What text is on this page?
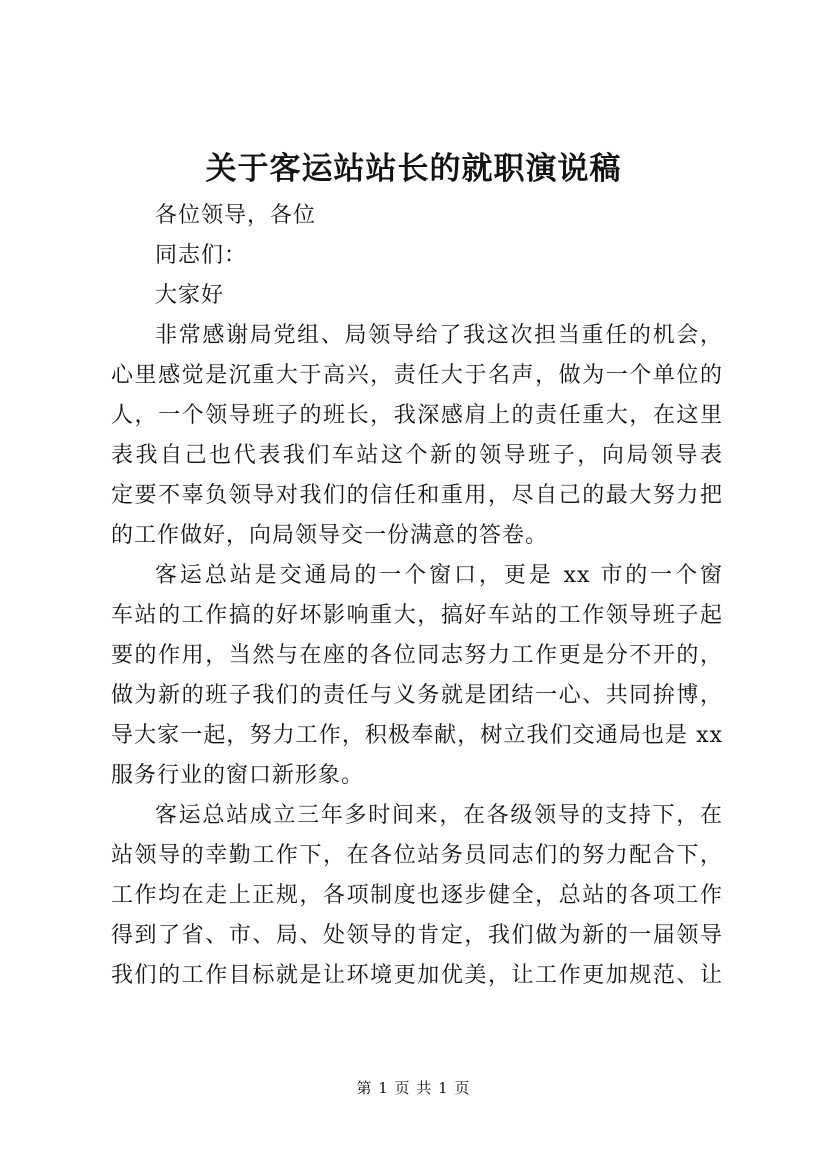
关于客运站站长的就职演说稿
各位领导，各位
同志们：
大家好
非常感谢局党组、局领导给了我这次担当重任的机会，
心里感觉是沉重大于高兴，责任大于名声，做为一个单位的
人，一个领导班子的班长，我深感肩上的责任重大，在这里
表我自己也代表我们车站这个新的领导班子，向局领导表
定要不辜负领导对我们的信任和重用，尽自己的最大努力把
的工作做好，向局领导交一份满意的答卷。
客运总站是交通局的一个窗口，更是 xx 市的一个窗
车站的工作搞的好坏影响重大，搞好车站的工作领导班子起
要的作用，当然与在座的各位同志努力工作更是分不开的，
做为新的班子我们的责任与义务就是团结一心、共同拚博，
导大家一起，努力工作，积极奉献，树立我们交通局也是 xx
服务行业的窗口新形象。
客运总站成立三年多时间来，在各级领导的支持下，在
站领导的幸勤工作下，在各位站务员同志们的努力配合下，
工作均在走上正规，各项制度也逐步健全，总站的各项工作
得到了省、市、局、处领导的肯定，我们做为新的一届领导
我们的工作目标就是让环境更加优美，让工作更加规范、让
第 1 页 共 1 页
